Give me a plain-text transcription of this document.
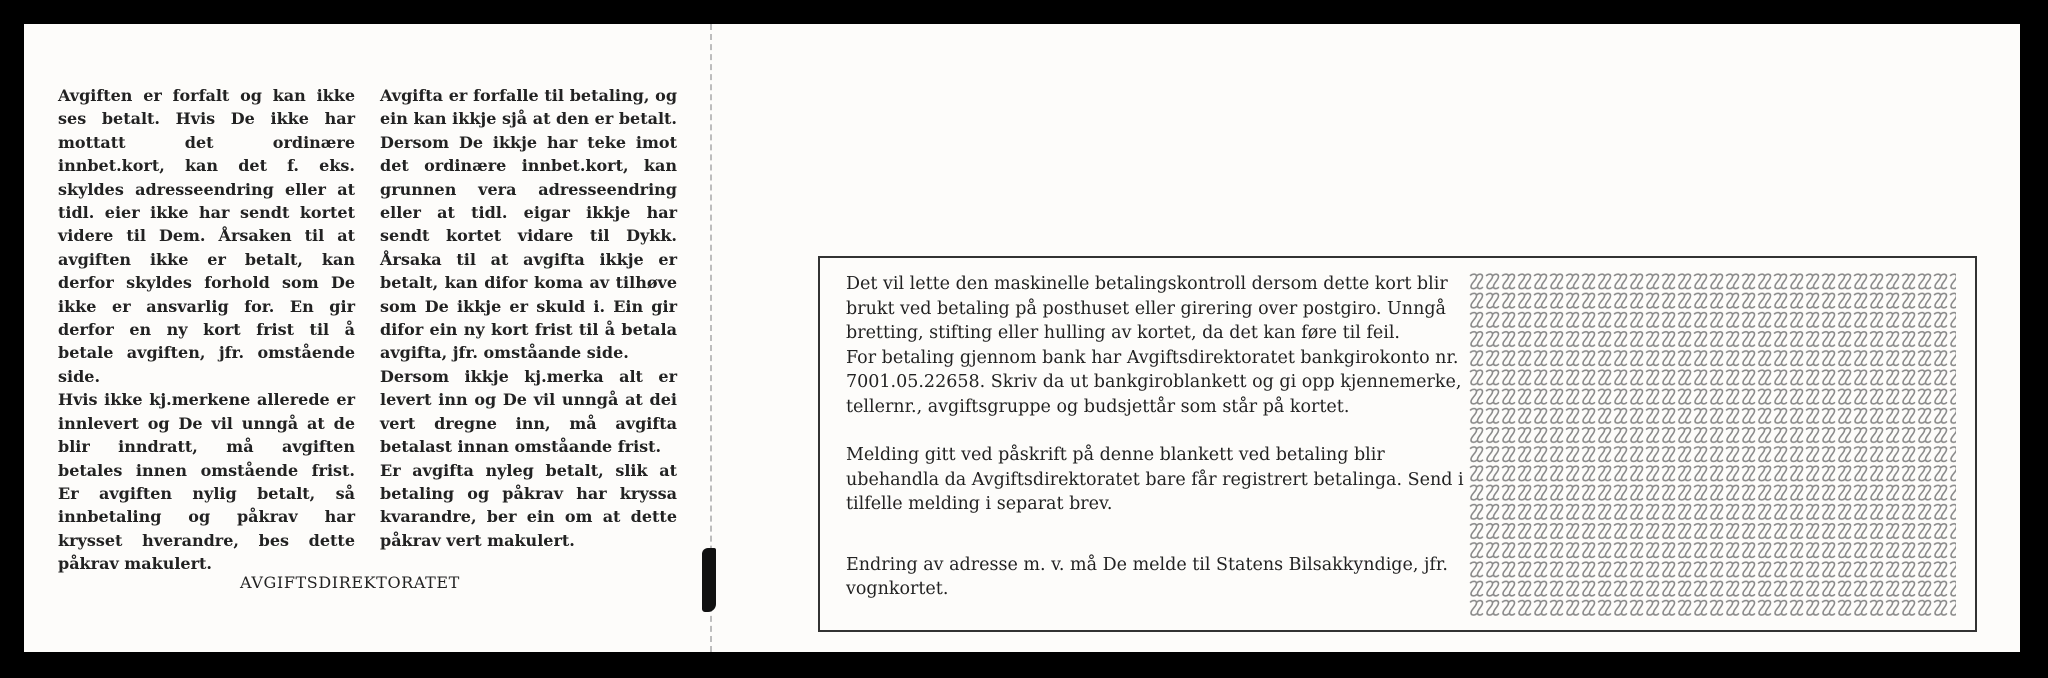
Avgiften er forfalt og kan ikke ses betalt. Hvis De ikke har mottatt det ordinære innbet.kort, kan det f. eks. skyldes adresseendring eller at tidl. eier ikke har sendt kortet videre til Dem. Årsaken til at avgiften ikke er betalt, kan derfor skyldes forhold som De ikke er ansvarlig for. En gir derfor en ny kort frist til å betale avgiften, jfr. omstående side.

Hvis ikke kj.merkene allerede er innlevert og De vil unngå at de blir inndratt, må avgiften betales innen omstående frist. Er avgiften nylig betalt, så innbetaling og påkrav har krysset hverandre, bes dette påkrav makulert.

Avgifta er forfalle til betaling, og ein kan ikkje sjå at den er betalt. Dersom De ikkje har teke imot det ordinære innbet.kort, kan grunnen vera adresseendring eller at tidl. eigar ikkje har sendt kortet vidare til Dykk. Årsaka til at avgifta ikkje er betalt, kan difor koma av tilhøve som De ikkje er skuld i. Ein gir difor ein ny kort frist til å betala avgifta, jfr. omståande side.

Dersom ikkje kj.merka alt er levert inn og De vil unngå at dei vert dregne inn, må avgifta betalast innan omståande frist.

Er avgifta nyleg betalt, slik at betaling og påkrav har kryssa kvarandre, ber ein om at dette påkrav vert makulert.

AVGIFTSDIREKTORATET

Det vil lette den maskinelle betalingskontroll dersom dette kort blir brukt ved betaling på posthuset eller girering over postgiro. Unngå bretting, stifting eller hulling av kortet, da det kan føre til feil.

For betaling gjennom bank har Avgiftsdirektoratet bankgirokonto nr. 7001.05.22658. Skriv da ut bankgiroblankett og gi opp kjennemerke, tellernr., avgiftsgruppe og budsjettår som står på kortet.

Melding gitt ved påskrift på denne blankett ved betaling blir ubehandla da Avgiftsdirektoratet bare får registrert betalinga. Send i tilfelle melding i separat brev.

Endring av adresse m. v. må De melde til Statens Bilsakkyndige, jfr. vognkortet.
